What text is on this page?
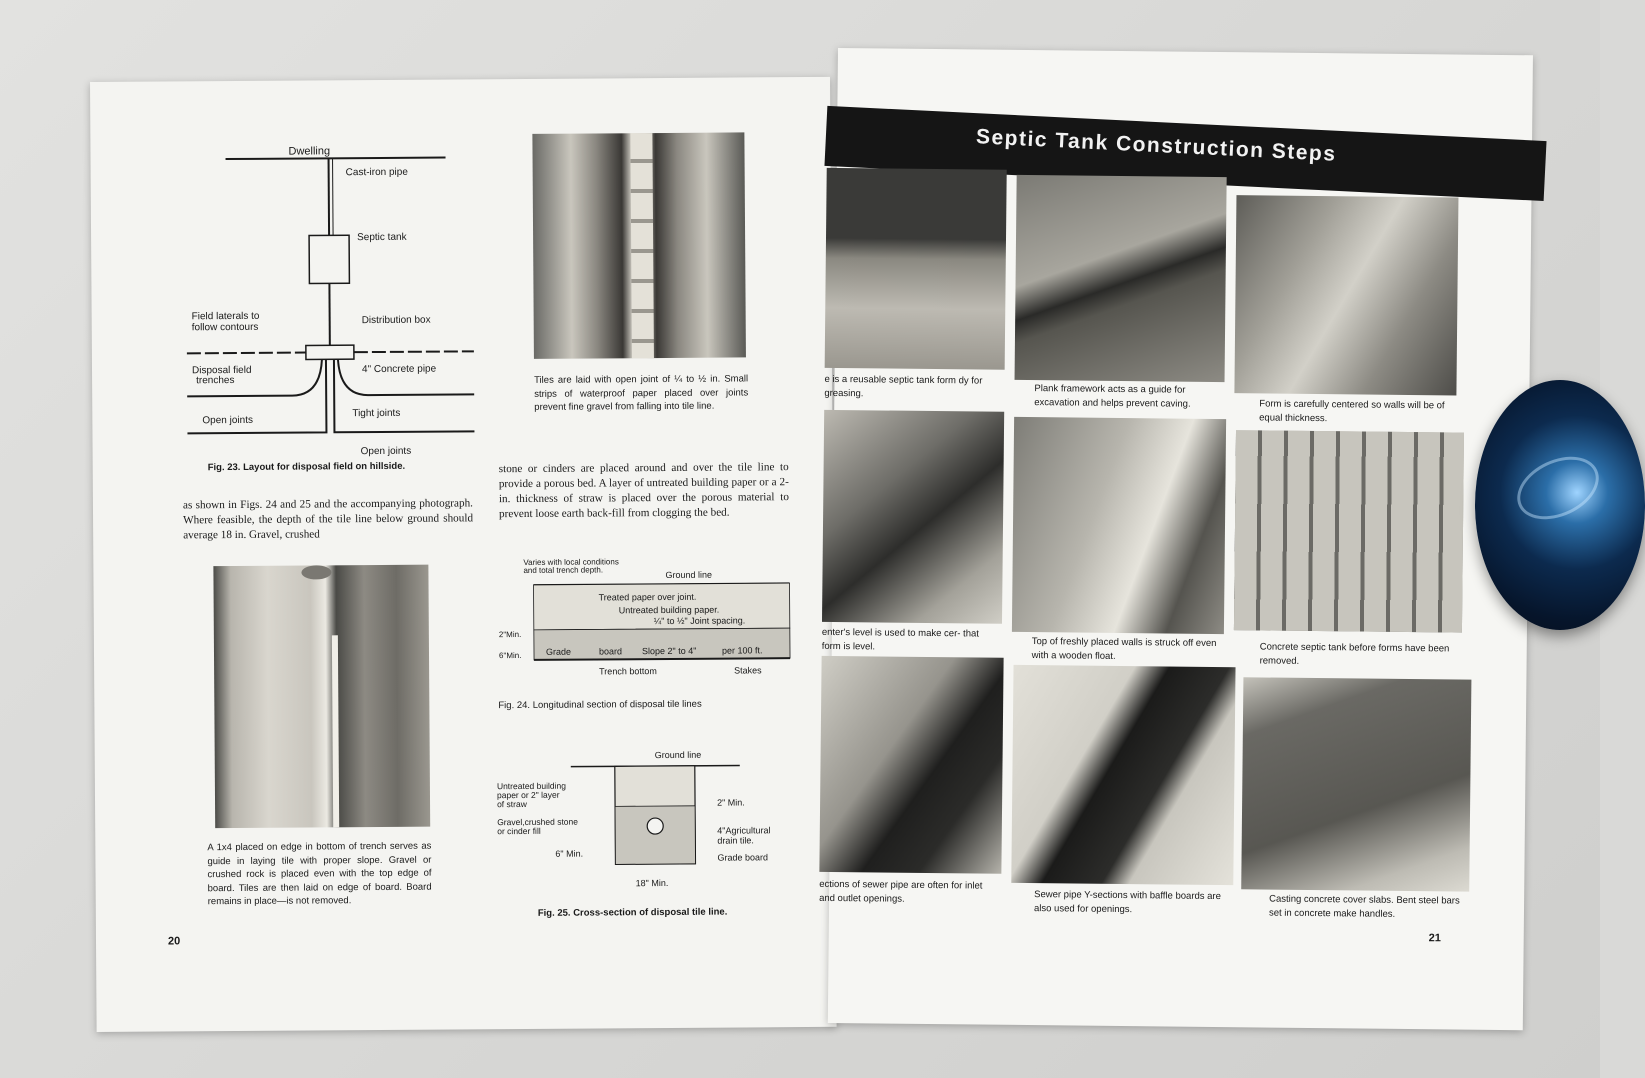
Dwelling
Cast-iron pipe
Septic tank
Distribution box
Field laterals to
follow contours
Disposal field
trenches
4" Concrete pipe
Open joints
Tight joints
Open joints
Fig. 23. Layout for disposal field on hillside.
Tiles are laid with open joint of ¼ to ½ in. Small strips of waterproof paper placed over joints prevent fine gravel from falling into tile line.
as shown in Figs. 24 and 25 and the accompanying photograph. Where feasible, the depth of the tile line below ground should average 18 in. Gravel, crushed
stone or cinders are placed around and over the tile line to provide a porous bed. A layer of untreated building paper or a 2-in. thickness of straw is placed over the porous material to prevent loose earth back-fill from clogging the bed.
A 1x4 placed on edge in bottom of trench serves as guide in laying tile with proper slope. Gravel or crushed rock is placed even with the top edge of board. Tiles are then laid on edge of board. Board remains in place—is not removed.
Varies with local conditions
and total trench depth.	Ground line
Treated paper over joint.
Untreated building paper.
¼" to ½" Joint spacing.
2"Min.
6"Min.	Grade	board Slope 2" to 4"	per 100 ft.
Trench bottom	Stakes
Fig. 24. Longitudinal section of disposal tile lines
Ground line
Untreated building
paper or 2" layer
of straw
Gravel,crushed stone
or cinder fill
2" Min.
4"Agricultural
drain tile.
6" Min.	Grade board
18" Min.
Fig. 25. Cross-section of disposal tile line.
20
Septic Tank Construction Steps
e is a reusable septic tank form dy for greasing.	Plank framework acts as a guide for excavation and helps prevent caving.	Form is carefully centered so walls will be of equal thickness.
enter's level is used to make cer- that form is level.	Top of freshly placed walls is struck off even with a wooden float.
Concrete septic tank before forms have been removed.
ections of sewer pipe are often for inlet and outlet openings.	Sewer pipe Y-sections with baffle boards are also used for openings.
Casting concrete cover slabs. Bent steel bars set in concrete make handles.
21
